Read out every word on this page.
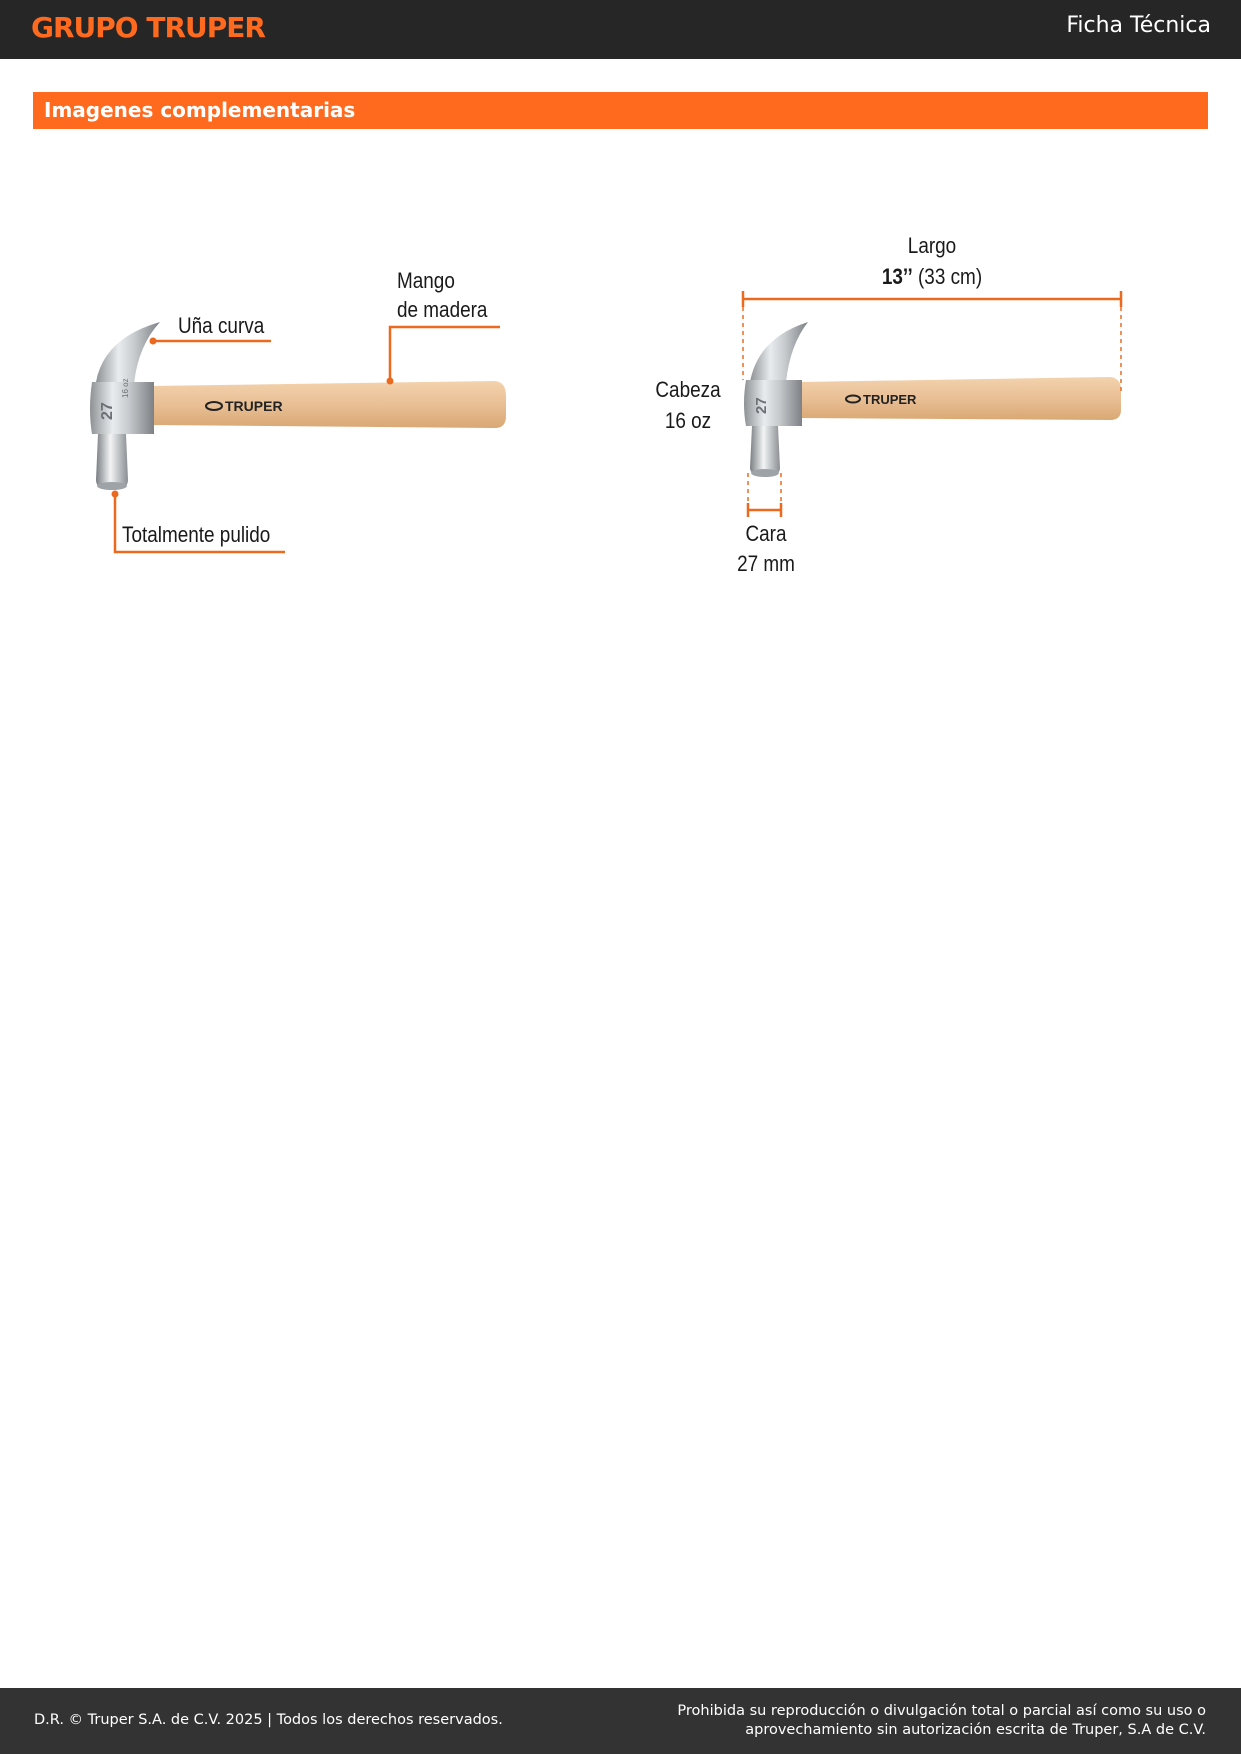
GRUPO TRUPER	Ficha Técnica
Imagenes complementarias
27
16 oz
TRUPER	27	TRUPER
Uña curva
Mango
de madera
Totalmente pulido
Largo
13’’ (33 cm)
Cabeza
16 oz
Cara
27 mm
D.R. © Truper S.A. de C.V. 2025 | Todos los derechos reservados.
Prohibida su reproducción o divulgación total o parcial así como su uso o
aprovechamiento sin autorización escrita de Truper, S.A de C.V.
